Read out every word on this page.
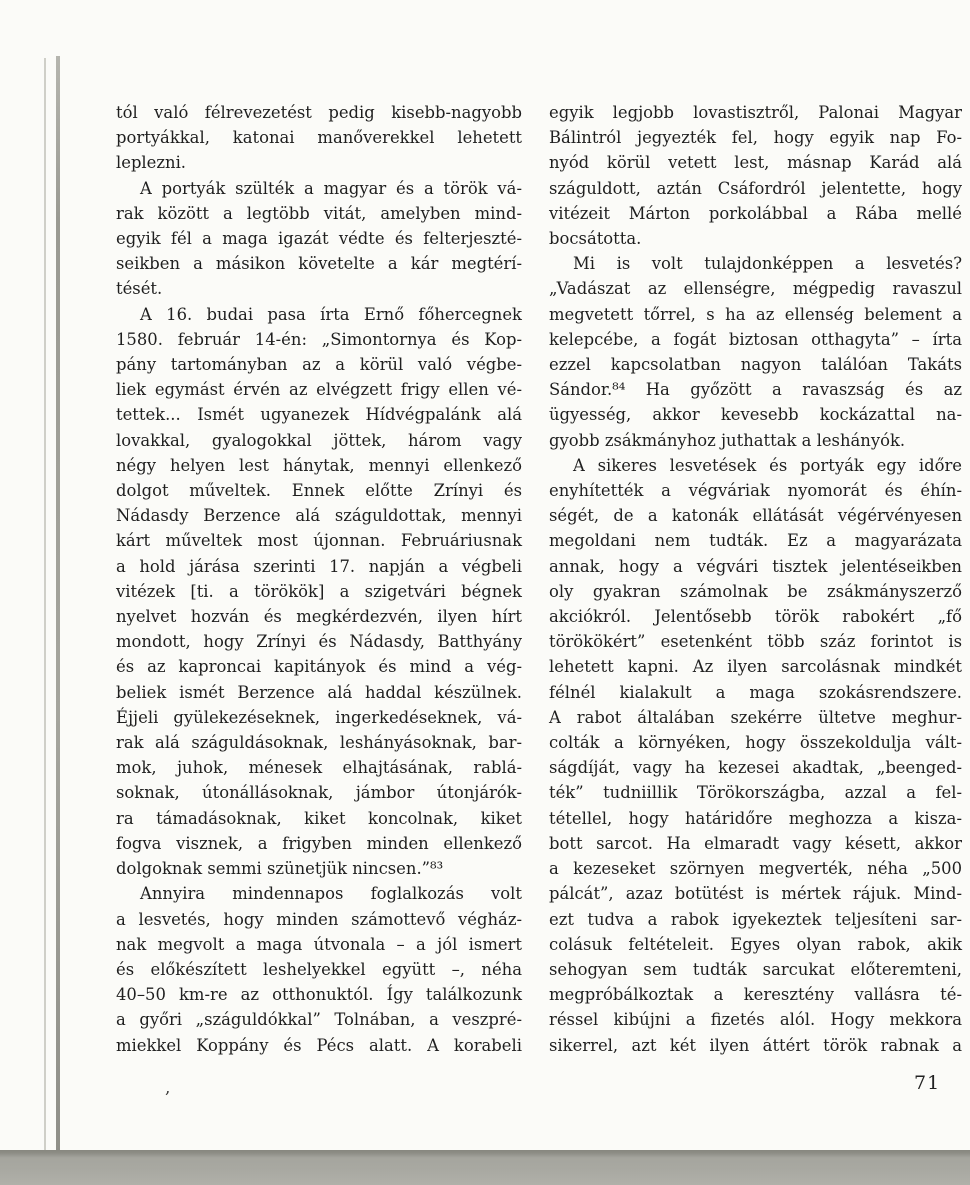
tól való félrevezetést pedig kisebb-nagyobb
portyákkal, katonai manőverekkel lehetett
leplezni.

A portyák szülték a magyar és a török vá-
rak között a legtöbb vitát, amelyben mind-
egyik fél a maga igazát védte és felterjeszté-
seikben a másikon követelte a kár megtérí-
tését.

A 16. budai pasa írta Ernő főhercegnek
1580. február 14-én: „Simontornya és Kop-
pány tartományban az a körül való végbe-
liek egymást érvén az elvégzett frigy ellen vé-
tettek... Ismét ugyanezek Hídvégpalánk alá
lovakkal, gyalogokkal jöttek, három vagy
négy helyen lest hánytak, mennyi ellenkező
dolgot műveltek. Ennek előtte Zrínyi és
Nádasdy Berzence alá száguldottak, mennyi
kárt műveltek most újonnan. Februáriusnak
a hold járása szerinti 17. napján a végbeli
vitézek [ti. a törökök] a szigetvári bégnek
nyelvet hozván és megkérdezvén, ilyen hírt
mondott, hogy Zrínyi és Nádasdy, Batthyány
és az kaproncai kapitányok és mind a vég-
beliek ismét Berzence alá haddal készülnek.
Éjjeli gyülekezéseknek, ingerkedéseknek, vá-
rak alá száguldásoknak, leshányásoknak, bar-
mok, juhok, ménesek elhajtásának, rablá-
soknak, útonállásoknak, jámbor útonjárók-
ra támadásoknak, kiket koncolnak, kiket
fogva visznek, a frigyben minden ellenkező
dolgoknak semmi szünetjük nincsen.”⁸³

Annyira mindennapos foglalkozás volt
a lesvetés, hogy minden számottevő végház-
nak megvolt a maga útvonala – a jól ismert
és előkészített leshelyekkel együtt –, néha
40–50 km-re az otthonuktól. Így találkozunk
a győri „száguldókkal” Tolnában, a veszpré-
miekkel Koppány és Pécs alatt. A korabeli

egyik legjobb lovastisztről, Palonai Magyar
Bálintról jegyezték fel, hogy egyik nap Fo-
nyód körül vetett lest, másnap Karád alá
száguldott, aztán Csáfordról jelentette, hogy
vitézeit Márton porkolábbal a Rába mellé
bocsátotta.

Mi is volt tulajdonképpen a lesvetés?
„Vadászat az ellenségre, mégpedig ravaszul
megvetett tőrrel, s ha az ellenség belement a
kelepcébe, a fogát biztosan otthagyta” – írta
ezzel kapcsolatban nagyon találóan Takáts
Sándor.⁸⁴ Ha győzött a ravaszság és az
ügyesség, akkor kevesebb kockázattal na-
gyobb zsákmányhoz juthattak a leshányók.

A sikeres lesvetések és portyák egy időre
enyhítették a végváriak nyomorát és éhín-
ségét, de a katonák ellátását végérvényesen
megoldani nem tudták. Ez a magyarázata
annak, hogy a végvári tisztek jelentéseikben
oly gyakran számolnak be zsákmányszerző
akciókról. Jelentősebb török rabokért „fő
törökökért” esetenként több száz forintot is
lehetett kapni. Az ilyen sarcolásnak mindkét
félnél kialakult a maga szokásrendszere.
A rabot általában szekérre ültetve meghur-
colták a környéken, hogy összekoldulja vált-
ságdíját, vagy ha kezesei akadtak, „beenged-
ték” tudniillik Törökországba, azzal a fel-
tétellel, hogy határidőre meghozza a kisza-
bott sarcot. Ha elmaradt vagy késett, akkor
a kezeseket szörnyen megverték, néha „500
pálcát”, azaz botütést is mértek rájuk. Mind-
ezt tudva a rabok igyekeztek teljesíteni sar-
colásuk feltételeit. Egyes olyan rabok, akik
sehogyan sem tudták sarcukat előteremteni,
megpróbálkoztak a keresztény vallásra té-
réssel kibújni a fizetés alól. Hogy mekkora
sikerrel, azt két ilyen áttért török rabnak a

,	71
